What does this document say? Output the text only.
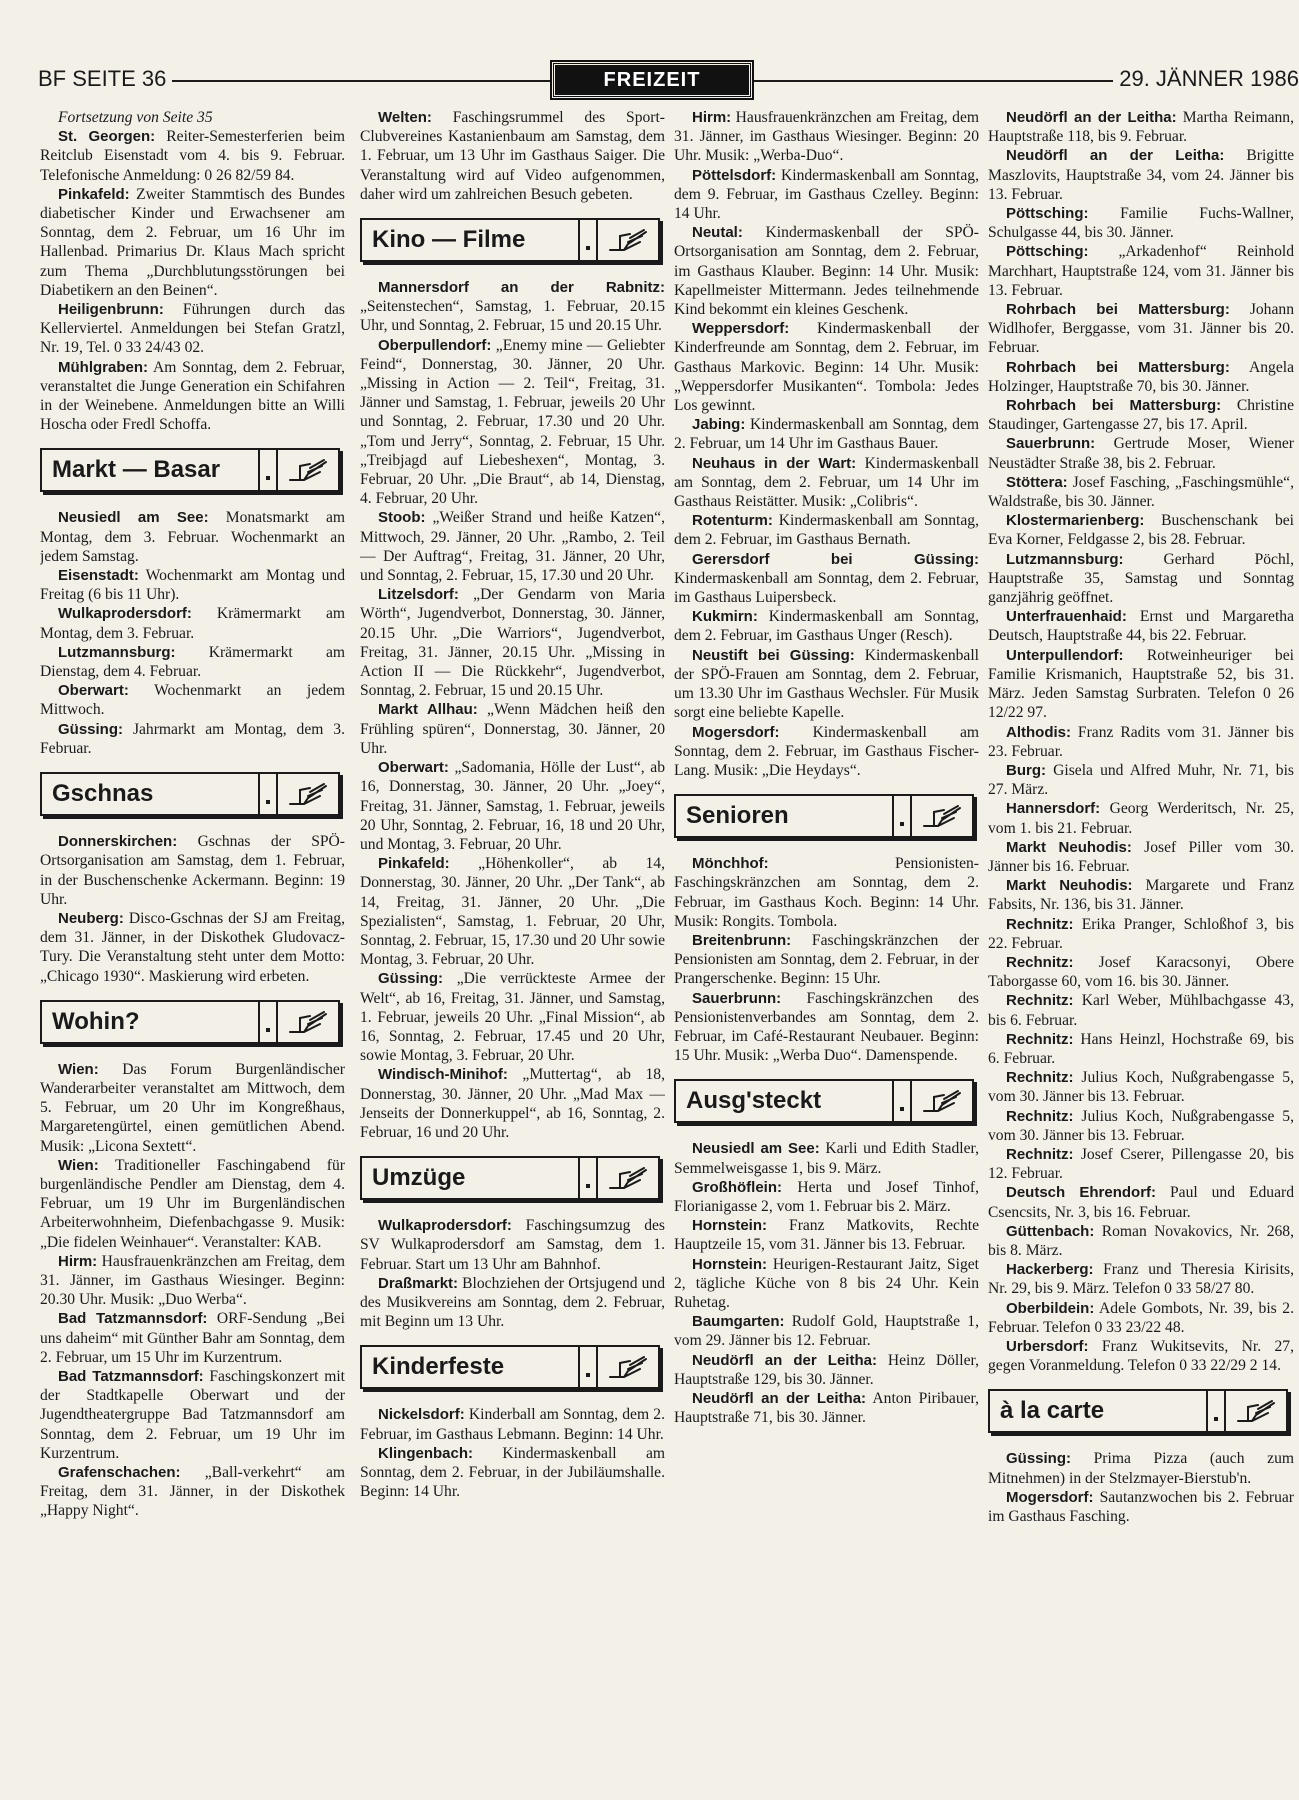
BF SEITE 36	FREIZEIT	29. JÄNNER 1986

Fortsetzung von Seite 35

St. Georgen: Reiter-Semesterferien beim Reitclub Eisenstadt vom 4. bis 9. Februar. Telefonische Anmeldung: 0 26 82/59 84.

Pinkafeld: Zweiter Stammtisch des Bundes diabetischer Kinder und Erwachsener am Sonntag, dem 2. Februar, um 16 Uhr im Hallenbad. Primarius Dr. Klaus Mach spricht zum Thema „Durchblutungsstörungen bei Diabetikern an den Beinen“.

Heiligenbrunn: Führungen durch das Kellerviertel. Anmeldungen bei Stefan Gratzl, Nr. 19, Tel. 0 33 24/43 02.

Mühlgraben: Am Sonntag, dem 2. Februar, veranstaltet die Junge Generation ein Schifahren in der Weinebene. Anmeldungen bitte an Willi Hoscha oder Fredl Schoffa.

Markt — Basar

Neusiedl am See: Monatsmarkt am Montag, dem 3. Februar. Wochenmarkt an jedem Samstag.

Eisenstadt: Wochenmarkt am Montag und Freitag (6 bis 11 Uhr).

Wulkaprodersdorf: Krämermarkt am Montag, dem 3. Februar.

Lutzmannsburg: Krämermarkt am Dienstag, dem 4. Februar.

Oberwart: Wochenmarkt an jedem Mittwoch.

Güssing: Jahrmarkt am Montag, dem 3. Februar.

Gschnas

Donnerskirchen: Gschnas der SPÖ-Ortsorganisation am Samstag, dem 1. Februar, in der Buschenschenke Ackermann. Beginn: 19 Uhr.

Neuberg: Disco-Gschnas der SJ am Freitag, dem 31. Jänner, in der Diskothek Gludovacz-Tury. Die Veranstaltung steht unter dem Motto: „Chicago 1930“. Maskierung wird erbeten.

Wohin?

Wien: Das Forum Burgenländischer Wanderarbeiter veranstaltet am Mittwoch, dem 5. Februar, um 20 Uhr im Kongreßhaus, Margaretengürtel, einen gemütlichen Abend. Musik: „Licona Sextett“.

Wien: Traditioneller Faschingabend für burgenländische Pendler am Dienstag, dem 4. Februar, um 19 Uhr im Burgenländischen Arbeiterwohnheim, Diefenbachgasse 9. Musik: „Die fidelen Weinhauer“. Veranstalter: KAB.

Hirm: Hausfrauenkränzchen am Freitag, dem 31. Jänner, im Gasthaus Wiesinger. Beginn: 20.30 Uhr. Musik: „Duo Werba“.

Bad Tatzmannsdorf: ORF-Sendung „Bei uns daheim“ mit Günther Bahr am Sonntag, dem 2. Februar, um 15 Uhr im Kurzentrum.

Bad Tatzmannsdorf: Faschingskonzert mit der Stadtkapelle Oberwart und der Jugendtheatergruppe Bad Tatzmannsdorf am Sonntag, dem 2. Februar, um 19 Uhr im Kurzentrum.

Grafenschachen: „Ball-verkehrt“ am Freitag, dem 31. Jänner, in der Diskothek „Happy Night“.

Welten: Faschingsrummel des Sport-Clubvereines Kastanienbaum am Samstag, dem 1. Februar, um 13 Uhr im Gasthaus Saiger. Die Veranstaltung wird auf Video aufgenommen, daher wird um zahlreichen Besuch gebeten.

Kino — Filme

Mannersdorf an der Rabnitz: „Seitenstechen“, Samstag, 1. Februar, 20.15 Uhr, und Sonntag, 2. Februar, 15 und 20.15 Uhr.

Oberpullendorf: „Enemy mine — Geliebter Feind“, Donnerstag, 30. Jänner, 20 Uhr. „Missing in Action — 2. Teil“, Freitag, 31. Jänner und Samstag, 1. Februar, jeweils 20 Uhr und Sonntag, 2. Februar, 17.30 und 20 Uhr. „Tom und Jerry“, Sonntag, 2. Februar, 15 Uhr. „Treibjagd auf Liebeshexen“, Montag, 3. Februar, 20 Uhr. „Die Braut“, ab 14, Dienstag, 4. Februar, 20 Uhr.

Stoob: „Weißer Strand und heiße Katzen“, Mittwoch, 29. Jänner, 20 Uhr. „Rambo, 2. Teil — Der Auftrag“, Freitag, 31. Jänner, 20 Uhr, und Sonntag, 2. Februar, 15, 17.30 und 20 Uhr.

Litzelsdorf: „Der Gendarm von Maria Wörth“, Jugendverbot, Donnerstag, 30. Jänner, 20.15 Uhr. „Die Warriors“, Jugendverbot, Freitag, 31. Jänner, 20.15 Uhr. „Missing in Action II — Die Rückkehr“, Jugendverbot, Sonntag, 2. Februar, 15 und 20.15 Uhr.

Markt Allhau: „Wenn Mädchen heiß den Frühling spüren“, Donnerstag, 30. Jänner, 20 Uhr.

Oberwart: „Sadomania, Hölle der Lust“, ab 16, Donnerstag, 30. Jänner, 20 Uhr. „Joey“, Freitag, 31. Jänner, Samstag, 1. Februar, jeweils 20 Uhr, Sonntag, 2. Februar, 16, 18 und 20 Uhr, und Montag, 3. Februar, 20 Uhr.

Pinkafeld: „Höhenkoller“, ab 14, Donnerstag, 30. Jänner, 20 Uhr. „Der Tank“, ab 14, Freitag, 31. Jänner, 20 Uhr. „Die Spezialisten“, Samstag, 1. Februar, 20 Uhr, Sonntag, 2. Februar, 15, 17.30 und 20 Uhr sowie Montag, 3. Februar, 20 Uhr.

Güssing: „Die verrückteste Armee der Welt“, ab 16, Freitag, 31. Jänner, und Samstag, 1. Februar, jeweils 20 Uhr. „Final Mission“, ab 16, Sonntag, 2. Februar, 17.45 und 20 Uhr, sowie Montag, 3. Februar, 20 Uhr.

Windisch-Minihof: „Muttertag“, ab 18, Donnerstag, 30. Jänner, 20 Uhr. „Mad Max — Jenseits der Donnerkuppel“, ab 16, Sonntag, 2. Februar, 16 und 20 Uhr.

Umzüge

Wulkaprodersdorf: Faschingsumzug des SV Wulkaprodersdorf am Samstag, dem 1. Februar. Start um 13 Uhr am Bahnhof.

Draßmarkt: Blochziehen der Ortsjugend und des Musikvereins am Sonntag, dem 2. Februar, mit Beginn um 13 Uhr.

Kinderfeste

Nickelsdorf: Kinderball am Sonntag, dem 2. Februar, im Gasthaus Lebmann. Beginn: 14 Uhr.

Klingenbach: Kindermaskenball am Sonntag, dem 2. Februar, in der Jubiläumshalle. Beginn: 14 Uhr.

Hirm: Hausfrauenkränzchen am Freitag, dem 31. Jänner, im Gasthaus Wiesinger. Beginn: 20 Uhr. Musik: „Werba-Duo“.

Pöttelsdorf: Kindermaskenball am Sonntag, dem 9. Februar, im Gasthaus Czelley. Beginn: 14 Uhr.

Neutal: Kindermaskenball der SPÖ-Ortsorganisation am Sonntag, dem 2. Februar, im Gasthaus Klauber. Beginn: 14 Uhr. Musik: Kapellmeister Mittermann. Jedes teilnehmende Kind bekommt ein kleines Geschenk.

Weppersdorf: Kindermaskenball der Kinderfreunde am Sonntag, dem 2. Februar, im Gasthaus Markovic. Beginn: 14 Uhr. Musik: „Weppersdorfer Musikanten“. Tombola: Jedes Los gewinnt.

Jabing: Kindermaskenball am Sonntag, dem 2. Februar, um 14 Uhr im Gasthaus Bauer.

Neuhaus in der Wart: Kindermaskenball am Sonntag, dem 2. Februar, um 14 Uhr im Gasthaus Reistätter. Musik: „Colibris“.

Rotenturm: Kindermaskenball am Sonntag, dem 2. Februar, im Gasthaus Bernath.

Gerersdorf bei Güssing: Kindermaskenball am Sonntag, dem 2. Februar, im Gasthaus Luipersbeck.

Kukmirn: Kindermaskenball am Sonntag, dem 2. Februar, im Gasthaus Unger (Resch).

Neustift bei Güssing: Kindermaskenball der SPÖ-Frauen am Sonntag, dem 2. Februar, um 13.30 Uhr im Gasthaus Wechsler. Für Musik sorgt eine beliebte Kapelle.

Mogersdorf: Kindermaskenball am Sonntag, dem 2. Februar, im Gasthaus Fischer-Lang. Musik: „Die Heydays“.

Senioren

Mönchhof: Pensionisten-Faschingskränzchen am Sonntag, dem 2. Februar, im Gasthaus Koch. Beginn: 14 Uhr. Musik: Rongits. Tombola.

Breitenbrunn: Faschingskränzchen der Pensionisten am Sonntag, dem 2. Februar, in der Prangerschenke. Beginn: 15 Uhr.

Sauerbrunn: Faschingskränzchen des Pensionistenverbandes am Sonntag, dem 2. Februar, im Café-Restaurant Neubauer. Beginn: 15 Uhr. Musik: „Werba Duo“. Damenspende.

Ausg'steckt

Neusiedl am See: Karli und Edith Stadler, Semmelweisgasse 1, bis 9. März.

Großhöflein: Herta und Josef Tinhof, Florianigasse 2, vom 1. Februar bis 2. März.

Hornstein: Franz Matkovits, Rechte Hauptzeile 15, vom 31. Jänner bis 13. Februar.

Hornstein: Heurigen-Restaurant Jaitz, Siget 2, tägliche Küche von 8 bis 24 Uhr. Kein Ruhetag.

Baumgarten: Rudolf Gold, Hauptstraße 1, vom 29. Jänner bis 12. Februar.

Neudörfl an der Leitha: Heinz Döller, Hauptstraße 129, bis 30. Jänner.

Neudörfl an der Leitha: Anton Piribauer, Hauptstraße 71, bis 30. Jänner.

Neudörfl an der Leitha: Martha Reimann, Hauptstraße 118, bis 9. Februar.

Neudörfl an der Leitha: Brigitte Maszlovits, Hauptstraße 34, vom 24. Jänner bis 13. Februar.

Pöttsching: Familie Fuchs-Wallner, Schulgasse 44, bis 30. Jänner.

Pöttsching: „Arkadenhof“ Reinhold Marchhart, Hauptstraße 124, vom 31. Jänner bis 13. Februar.

Rohrbach bei Mattersburg: Johann Widlhofer, Berggasse, vom 31. Jänner bis 20. Februar.

Rohrbach bei Mattersburg: Angela Holzinger, Hauptstraße 70, bis 30. Jänner.

Rohrbach bei Mattersburg: Christine Staudinger, Gartengasse 27, bis 17. April.

Sauerbrunn: Gertrude Moser, Wiener Neustädter Straße 38, bis 2. Februar.

Stöttera: Josef Fasching, „Faschingsmühle“, Waldstraße, bis 30. Jänner.

Klostermarienberg: Buschenschank bei Eva Korner, Feldgasse 2, bis 28. Februar.

Lutzmannsburg: Gerhard Pöchl, Hauptstraße 35, Samstag und Sonntag ganzjährig geöffnet.

Unterfrauenhaid: Ernst und Margaretha Deutsch, Hauptstraße 44, bis 22. Februar.

Unterpullendorf: Rotweinheuriger bei Familie Krismanich, Hauptstraße 52, bis 31. März. Jeden Samstag Surbraten. Telefon 0 26 12/22 97.

Althodis: Franz Radits vom 31. Jänner bis 23. Februar.

Burg: Gisela und Alfred Muhr, Nr. 71, bis 27. März.

Hannersdorf: Georg Werderitsch, Nr. 25, vom 1. bis 21. Februar.

Markt Neuhodis: Josef Piller vom 30. Jänner bis 16. Februar.

Markt Neuhodis: Margarete und Franz Fabsits, Nr. 136, bis 31. Jänner.

Rechnitz: Erika Pranger, Schloßhof 3, bis 22. Februar.

Rechnitz: Josef Karacsonyi, Obere Taborgasse 60, vom 16. bis 30. Jänner.

Rechnitz: Karl Weber, Mühlbachgasse 43, bis 6. Februar.

Rechnitz: Hans Heinzl, Hochstraße 69, bis 6. Februar.

Rechnitz: Julius Koch, Nußgrabengasse 5, vom 30. Jänner bis 13. Februar.

Rechnitz: Julius Koch, Nußgrabengasse 5, vom 30. Jänner bis 13. Februar.

Rechnitz: Josef Cserer, Pillengasse 20, bis 12. Februar.

Deutsch Ehrendorf: Paul und Eduard Csencsits, Nr. 3, bis 16. Februar.

Güttenbach: Roman Novakovics, Nr. 268, bis 8. März.

Hackerberg: Franz und Theresia Kirisits, Nr. 29, bis 9. März. Telefon 0 33 58/27 80.

Oberbildein: Adele Gombots, Nr. 39, bis 2. Februar. Telefon 0 33 23/22 48.

Urbersdorf: Franz Wukitsevits, Nr. 27, gegen Voranmeldung. Telefon 0 33 22/29 2 14.

à la carte

Güssing: Prima Pizza (auch zum Mitnehmen) in der Stelzmayer-Bierstub'n.

Mogersdorf: Sautanzwochen bis 2. Februar im Gasthaus Fasching.
